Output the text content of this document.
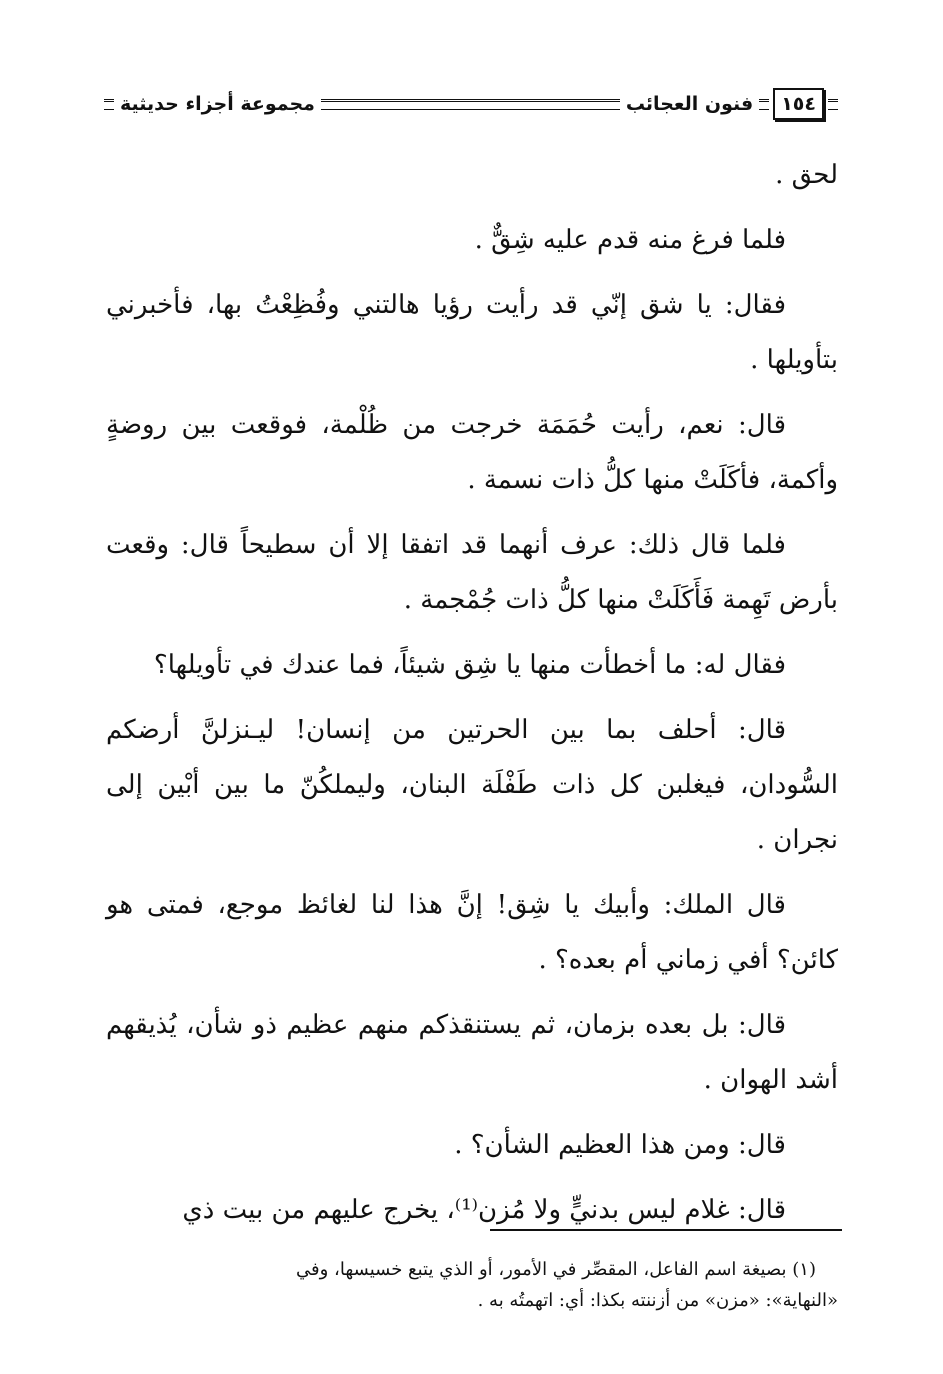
١٥٤
فنون العجائب
مجموعة أجزاء حديثية

لحق .

فلما فرغ منه قدم عليه شِقٌّ .

فقال: يا شق إنّي قد رأيت رؤيا هالتني وفُظِعْتُ بها، فأخبرني بتأويلها .

قال: نعم، رأيت حُمَمَة خرجت من ظُلْمة، فوقعت بين روضةٍ وأكمة، فأكَلَتْ منها كلُّ ذات نسمة .

فلما قال ذلك: عرف أنهما قد اتفقا إلا أن سطيحاً قال: وقعت بأرض تَهِمة فَأَكَلَتْ منها كلُّ ذات جُمْجمة .

فقال له: ما أخطأت منها يا شِق شيئاً، فما عندك في تأويلها؟

قال: أحلف بما بين الحرتين من إنسان! ليـنزلنَّ أرضكم السُّودان، فيغلبن كل ذات طَفْلَة البنان، وليملكُنّ ما بين أبْين إلى نجران .

قال الملك: وأبيك يا شِق! إنَّ هذا لنا لغائظ موجع، فمتى هو كائن؟ أفي زماني أم بعده؟ .

قال: بل بعده بزمان، ثم يستنقذكم منهم عظيم ذو شأن، يُذيقهم أشد الهوان .

قال: ومن هذا العظيم الشأن؟ .

قال: غلام ليس بدنيٍّ ولا مُزن⁽¹⁾، يخرج عليهم من بيت ذي

(١) بصيغة اسم الفاعل، المقصِّر في الأمور، أو الذي يتبع خسيسها، وفي

«النهاية»: «مزن» من أزننته بكذا: أي: اتهمتُه به .
